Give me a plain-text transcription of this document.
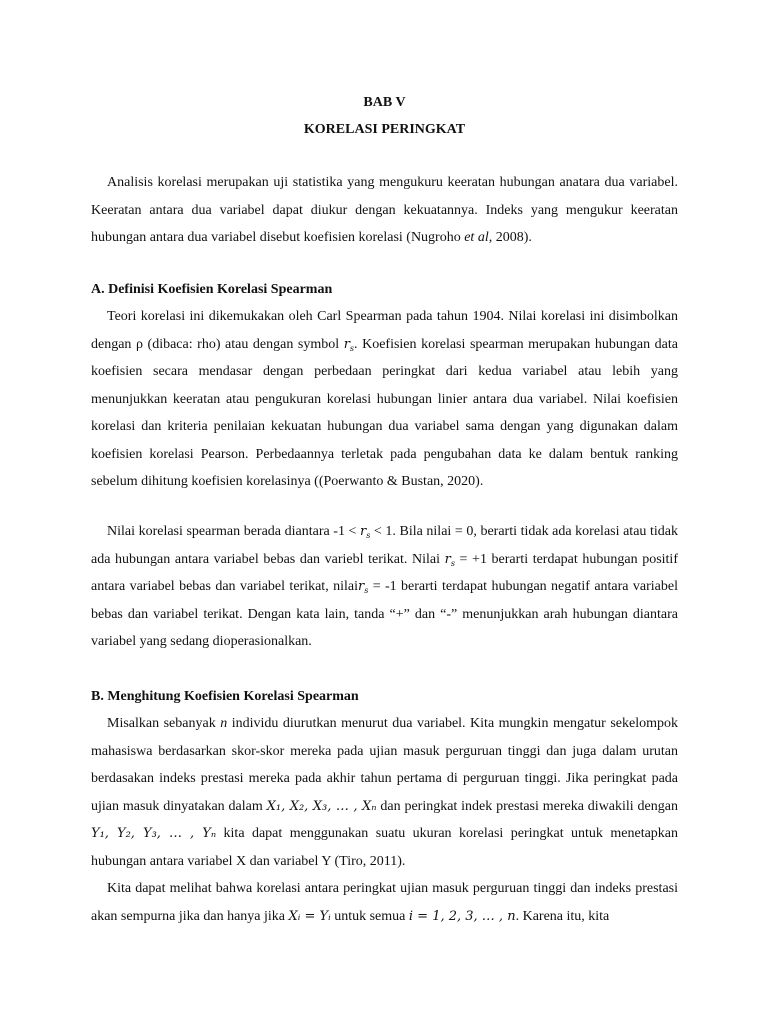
BAB V
KORELASI PERINGKAT

Analisis korelasi merupakan uji statistika yang mengukuru keeratan hubungan anatara dua variabel. Keeratan antara dua variabel dapat diukur dengan kekuatannya. Indeks yang mengukur keeratan hubungan antara dua variabel disebut koefisien korelasi (Nugroho et al, 2008).

A. Definisi Koefisien Korelasi Spearman

Teori korelasi ini dikemukakan oleh Carl Spearman pada tahun 1904. Nilai korelasi ini disimbolkan dengan ρ (dibaca: rho) atau dengan symbol $r_s$. Koefisien korelasi spearman merupakan hubungan data koefisien secara mendasar dengan perbedaan peringkat dari kedua variabel atau lebih yang menunjukkan keeratan atau pengukuran korelasi hubungan linier antara dua variabel. Nilai koefisien korelasi dan kriteria penilaian kekuatan hubungan dua variabel sama dengan yang digunakan dalam koefisien korelasi Pearson. Perbedaannya terletak pada pengubahan data ke dalam bentuk ranking sebelum dihitung koefisien korelasinya ((Poerwanto & Bustan, 2020).

Nilai korelasi spearman berada diantara $-1 < r_s < 1$. Bila nilai = 0, berarti tidak ada korelasi atau tidak ada hubungan antara variabel bebas dan variebl terikat. Nilai $r_s = +1$ berarti terdapat hubungan positif antara variabel bebas dan variabel terikat, nilair$_s$ = -1 berarti terdapat hubungan negatif antara variabel bebas dan variabel terikat. Dengan kata lain, tanda “+” dan “-” menunjukkan arah hubungan diantara variabel yang sedang dioperasionalkan.

B. Menghitung Koefisien Korelasi Spearman

Misalkan sebanyak n individu diurutkan menurut dua variabel. Kita mungkin mengatur sekelompok mahasiswa berdasarkan skor-skor mereka pada ujian masuk perguruan tinggi dan juga dalam urutan berdasakan indeks prestasi mereka pada akhir tahun pertama di perguruan tinggi. Jika peringkat pada ujian masuk dinyatakan dalam X₁, X₂, X₃, … , Xₙ dan peringkat indek prestasi mereka diwakili dengan Y₁, Y₂, Y₃, … , Yₙ kita dapat menggunakan suatu ukuran korelasi peringkat untuk menetapkan hubungan antara variabel X dan variabel Y (Tiro, 2011).

Kita dapat melihat bahwa korelasi antara peringkat ujian masuk perguruan tinggi dan indeks prestasi akan sempurna jika dan hanya jika Xᵢ = Yᵢ untuk semua i = 1, 2, 3, … , n. Karena itu, kita
